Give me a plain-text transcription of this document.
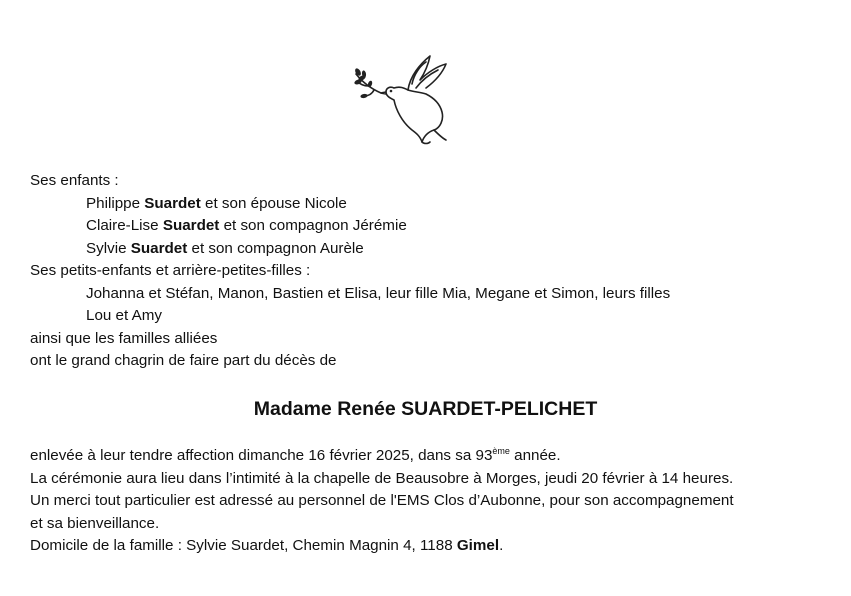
Ses enfants :
Philippe Suardet et son épouse Nicole
Claire-Lise Suardet et son compagnon Jérémie
Sylvie Suardet et son compagnon Aurèle
Ses petits-enfants et arrière-petites-filles :
Johanna et Stéfan, Manon, Bastien et Elisa, leur fille Mia, Megane et Simon, leurs filles
Lou et Amy
ainsi que les familles alliées
ont le grand chagrin de faire part du décès de
Madame Renée SUARDET-PELICHET
enlevée à leur tendre affection dimanche 16 février 2025, dans sa 93ème année.
La cérémonie aura lieu dans l’intimité à la chapelle de Beausobre à Morges, jeudi 20 février à 14 heures.
Un merci tout particulier est adressé au personnel de l'EMS Clos d’Aubonne, pour son accompagnement
et sa bienveillance.
Domicile de la famille : Sylvie Suardet, Chemin Magnin 4, 1188 Gimel.
